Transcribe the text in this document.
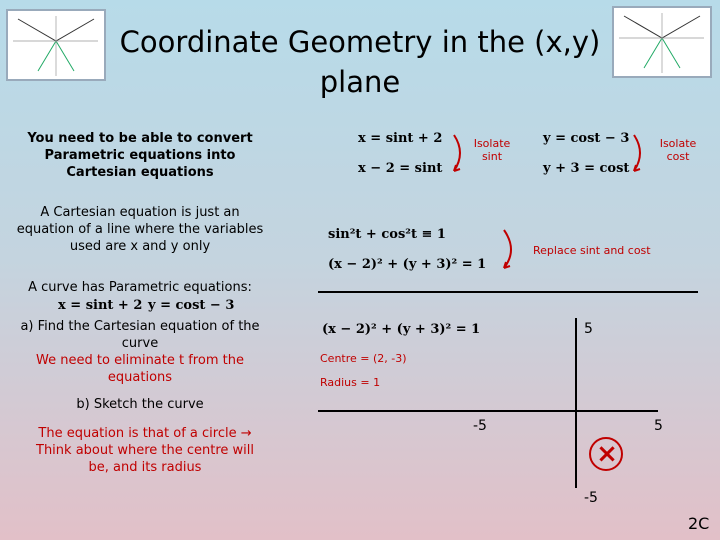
Coordinate Geometry in the (x,y) plane
You need to be able to convert Parametric equations into Cartesian equations
A Cartesian equation is just an equation of a line where the variables used are x and y only
A curve has Parametric equations:
x = sint + 2 y = cost − 3
a) Find the Cartesian equation of the curve
We need to eliminate t from the equations
b) Sketch the curve
The equation is that of a circle → Think about where the centre will be, and its radius
x = sint + 2
x − 2 = sint
Isolate sint
y = cost − 3
y + 3 = cost
Isolate cost
sin²t + cos²t ≡ 1
(x − 2)² + (y + 3)² = 1
Replace sint and cost
(x − 2)² + (y + 3)² = 1
Centre = (2, -3)
Radius = 1
5
-5
-5	5
×
2C
